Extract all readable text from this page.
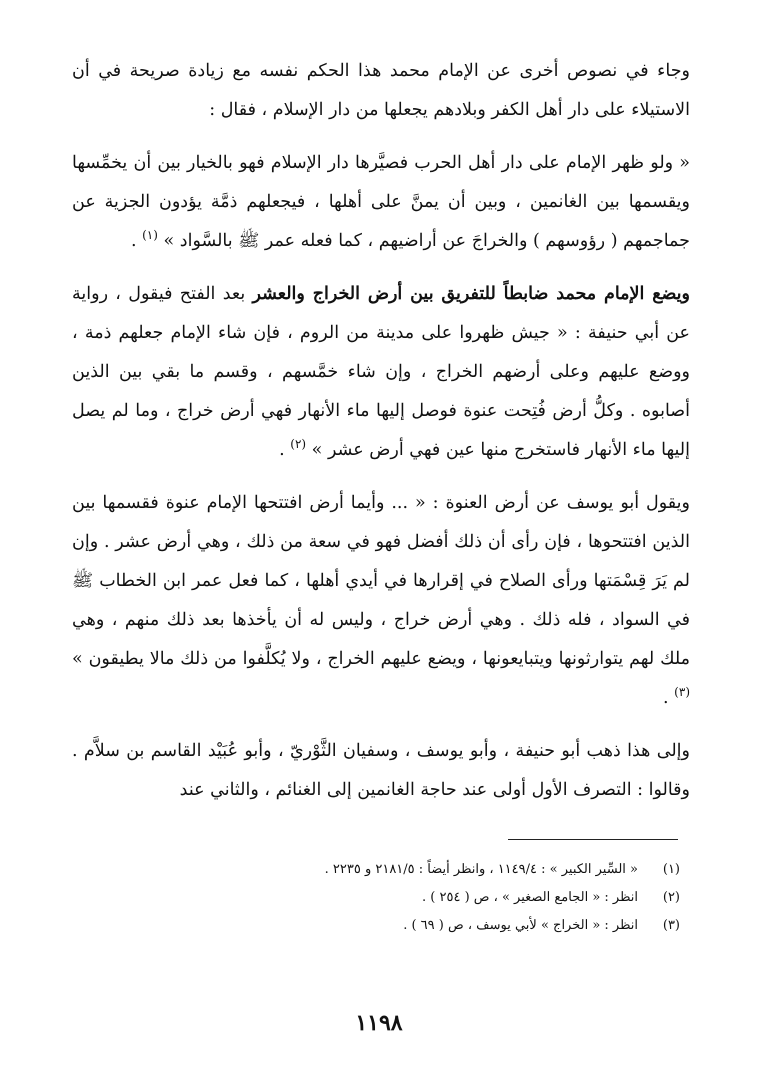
وجاء في نصوص أخرى عن الإمام محمد هذا الحكم نفسه مع زيادة صريحة في أن الاستيلاء على دار أهل الكفر وبلادهم يجعلها من دار الإسلام ، فقال :

« ولو ظهر الإمام على دار أهل الحرب فصيَّرها دار الإسلام فهو بالخيار بين أن يخمِّسها ويقسمها بين الغانمين ، وبين أن يمنَّ على أهلها ، فيجعلهم ذمَّة يؤدون الجزية عن جماجمهم ( رؤوسهم ) والخراجَ عن أراضيهم ، كما فعله عمر ﷺ بالسَّواد » $^{(١)}$ .

ويضع الإمام محمد ضابطاً للتفريق بين أرض الخراج والعشر بعد الفتح فيقول ، رواية عن أبي حنيفة : « جيش ظهروا على مدينة من الروم ، فإن شاء الإمام جعلهم ذمة ، ووضع عليهم وعلى أرضهم الخراج ، وإن شاء خمَّسهم ، وقسم ما بقي بين الذين أصابوه . وكلُّ أرض فُتِحت عنوة فوصل إليها ماء الأنهار فهي أرض خراج ، وما لم يصل إليها ماء الأنهار فاستخرج منها عين فهي أرض عشر » $^{(٢)}$ .

ويقول أبو يوسف عن أرض العنوة : « ... وأيما أرض افتتحها الإمام عنوة فقسمها بين الذين افتتحوها ، فإن رأى أن ذلك أفضل فهو في سعة من ذلك ، وهي أرض عشر . وإن لم يَرَ قِسْمَتها ورأى الصلاح في إقرارها في أيدي أهلها ، كما فعل عمر ابن الخطاب ﷺ في السواد ، فله ذلك . وهي أرض خراج ، وليس له أن يأخذها بعد ذلك منهم ، وهي ملك لهم يتوارثونها ويتبايعونها ، ويضع عليهم الخراج ، ولا يُكلَّفوا من ذلك مالا يطيقون » $^{(٣)}$ .

وإلى هذا ذهب أبو حنيفة ، وأبو يوسف ، وسفيان الثَّوْريّ ، وأبو عُبَيْد القاسم بن سلاَّم . وقالوا : التصرف الأول أولى عند حاجة الغانمين إلى الغنائم ، والثاني عند

(١)
« السِّير الكبير » : ١١٤٩/٤ ، وانظر أيضاً : ٢١٨١/٥ و ٢٢٣٥ .
(٢)
انظر : « الجامع الصغير » ، ص ( ٢٥٤ ) .
(٣)
انظر : « الخراج » لأبي يوسف ، ص ( ٦٩ ) .
١١٩٨
